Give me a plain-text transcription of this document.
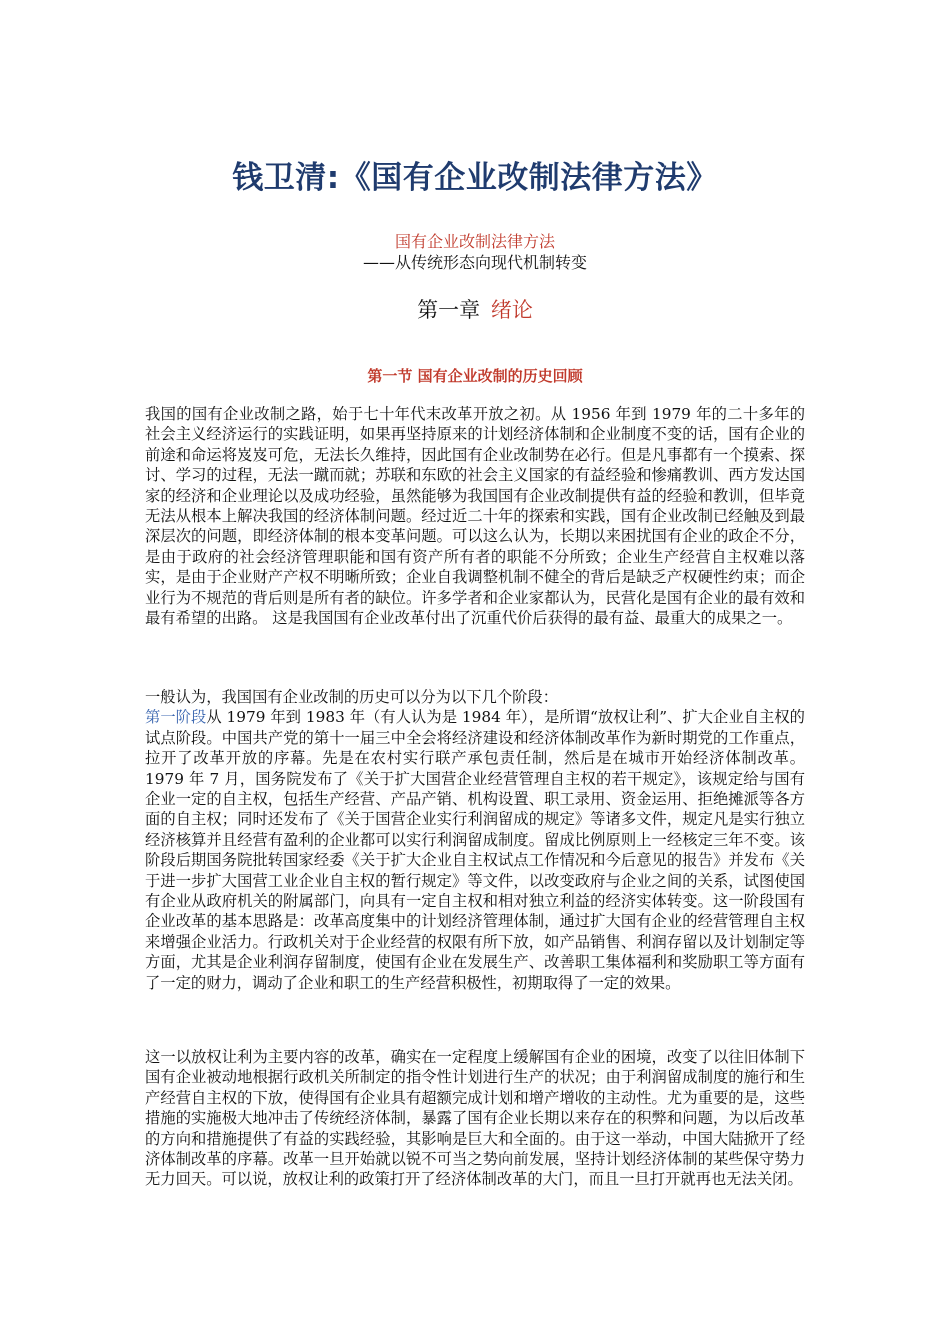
钱卫清:《国有企业改制法律方法》
国有企业改制法律方法
——从传统形态向现代机制转变
第一章 绪论
第一节 国有企业改制的历史回顾

我国的国有企业改制之路，始于七十年代末改革开放之初。从 1956 年到 1979 年的二十多年的社会主义经济运行的实践证明，如果再坚持原来的计划经济体制和企业制度不变的话，国有企业的前途和命运将岌岌可危，无法长久维持，因此国有企业改制势在必行。但是凡事都有一个摸索、探讨、学习的过程，无法一蹴而就；苏联和东欧的社会主义国家的有益经验和惨痛教训、西方发达国家的经济和企业理论以及成功经验，虽然能够为我国国有企业改制提供有益的经验和教训，但毕竟无法从根本上解决我国的经济体制问题。经过近二十年的探索和实践，国有企业改制已经触及到最深层次的问题，即经济体制的根本变革问题。可以这么认为，长期以来困扰国有企业的政企不分，是由于政府的社会经济管理职能和国有资产所有者的职能不分所致；企业生产经营自主权难以落实，是由于企业财产产权不明晰所致；企业自我调整机制不健全的背后是缺乏产权硬性约束；而企业行为不规范的背后则是所有者的缺位。许多学者和企业家都认为，民营化是国有企业的最有效和最有希望的出路。 这是我国国有企业改革付出了沉重代价后获得的最有益、最重大的成果之一。

一般认为，我国国有企业改制的历史可以分为以下几个阶段：
第一阶段从 1979 年到 1983 年（有人认为是 1984 年），是所谓“放权让利”、扩大企业自主权的试点阶段。中国共产党的第十一届三中全会将经济建设和经济体制改革作为新时期党的工作重点，拉开了改革开放的序幕。先是在农村实行联产承包责任制，然后是在城市开始经济体制改革。1979 年 7 月，国务院发布了《关于扩大国营企业经营管理自主权的若干规定》，该规定给与国有企业一定的自主权，包括生产经营、产品产销、机构设置、职工录用、资金运用、拒绝摊派等各方面的自主权；同时还发布了《关于国营企业实行利润留成的规定》等诸多文件，规定凡是实行独立经济核算并且经营有盈利的企业都可以实行利润留成制度。留成比例原则上一经核定三年不变。该阶段后期国务院批转国家经委《关于扩大企业自主权试点工作情况和今后意见的报告》并发布《关于进一步扩大国营工业企业自主权的暂行规定》等文件，以改变政府与企业之间的关系，试图使国有企业从政府机关的附属部门，向具有一定自主权和相对独立利益的经济实体转变。这一阶段国有企业改革的基本思路是：改革高度集中的计划经济管理体制，通过扩大国有企业的经营管理自主权来增强企业活力。行政机关对于企业经营的权限有所下放，如产品销售、利润存留以及计划制定等方面，尤其是企业利润存留制度，使国有企业在发展生产、改善职工集体福利和奖励职工等方面有了一定的财力，调动了企业和职工的生产经营积极性，初期取得了一定的效果。

这一以放权让利为主要内容的改革，确实在一定程度上缓解国有企业的困境，改变了以往旧体制下国有企业被动地根据行政机关所制定的指令性计划进行生产的状况；由于利润留成制度的施行和生产经营自主权的下放，使得国有企业具有超额完成计划和增产增收的主动性。尤为重要的是，这些措施的实施极大地冲击了传统经济体制，暴露了国有企业长期以来存在的积弊和问题，为以后改革的方向和措施提供了有益的实践经验，其影响是巨大和全面的。由于这一举动，中国大陆掀开了经济体制改革的序幕。改革一旦开始就以锐不可当之势向前发展，坚持计划经济体制的某些保守势力无力回天。可以说，放权让利的政策打开了经济体制改革的大门，而且一旦打开就再也无法关闭。
